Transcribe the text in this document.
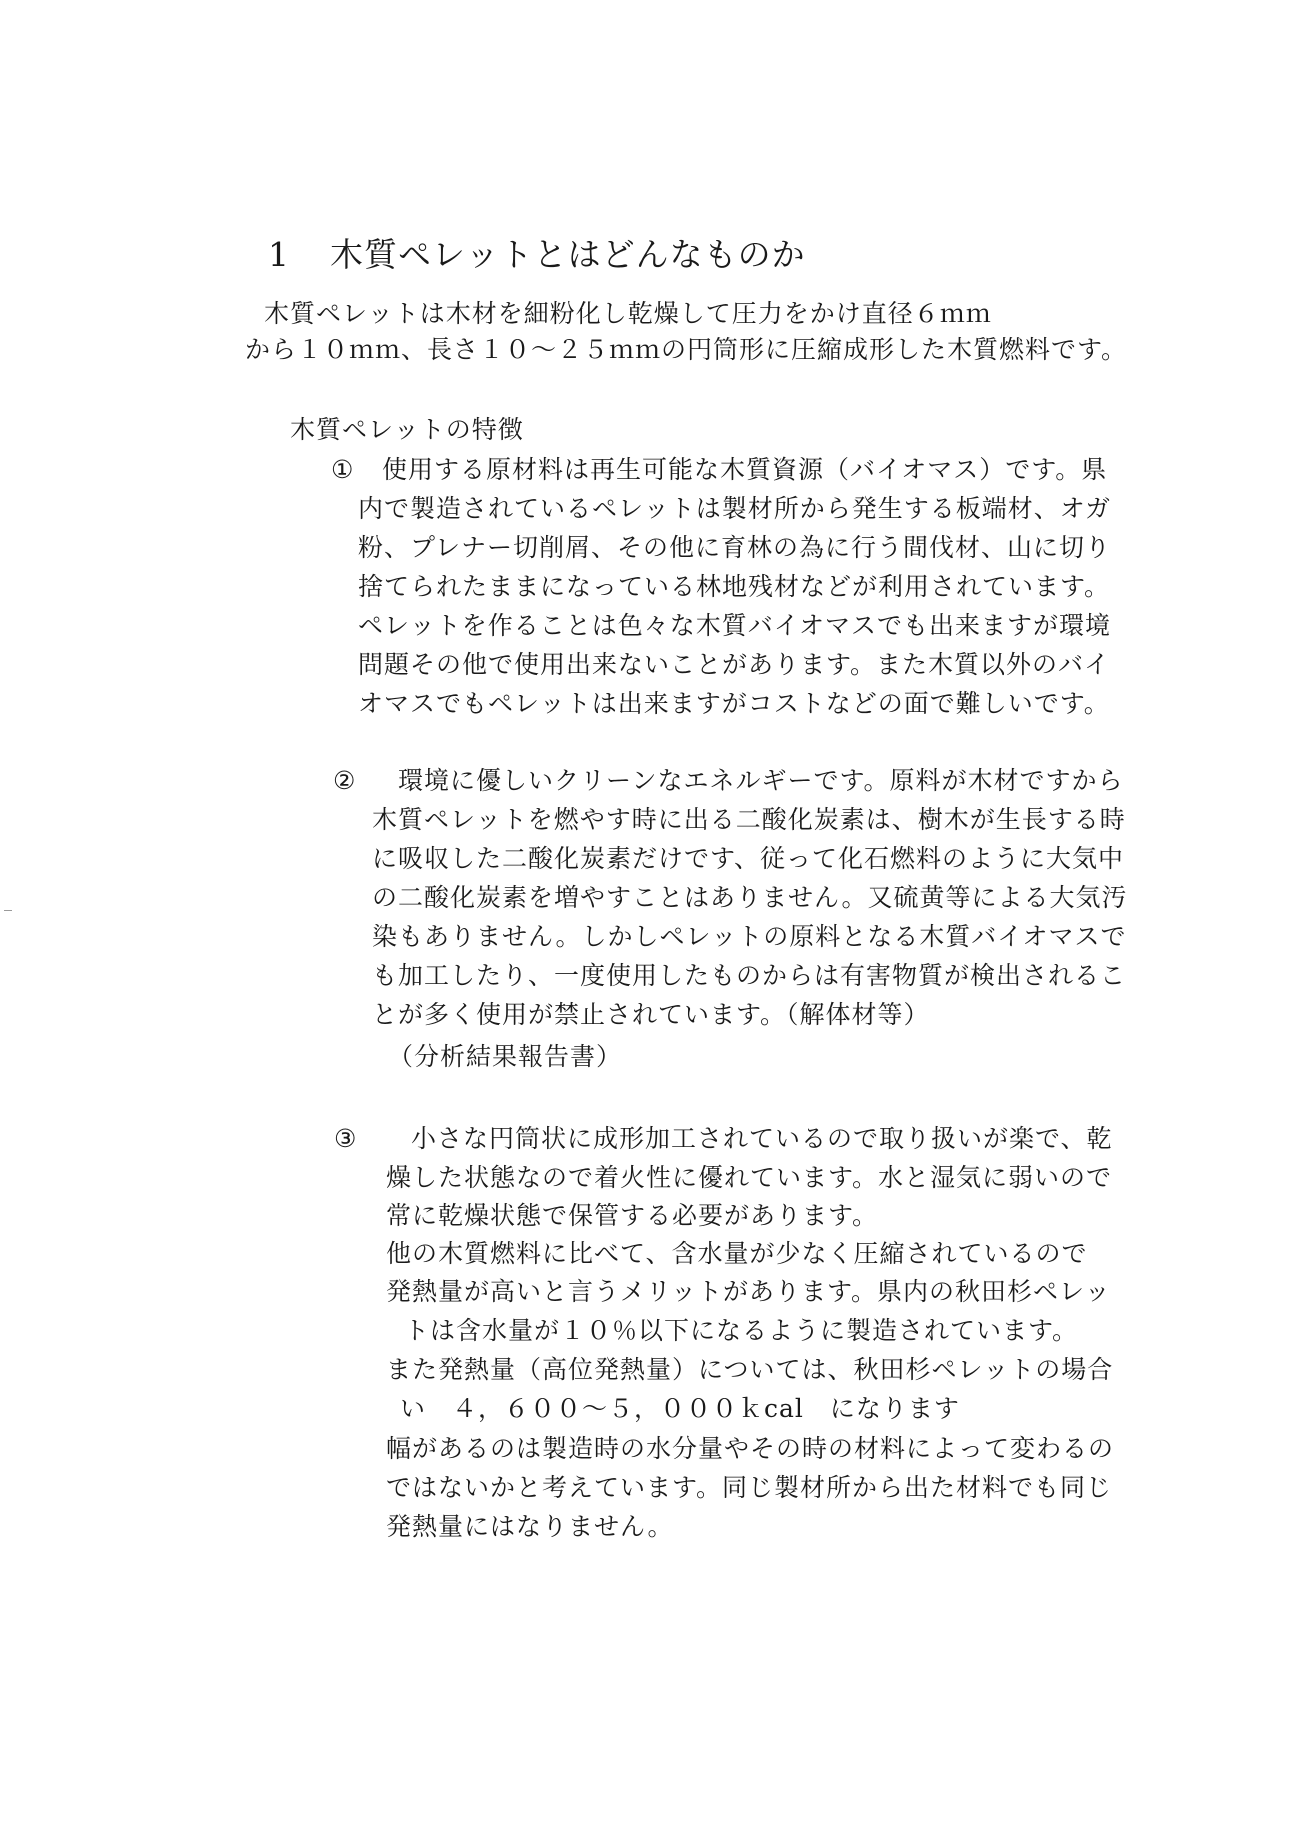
1 木質ペレットとはどんなものか
木質ペレットは木材を細粉化し乾燥して圧力をかけ直径６ｍｍ
から１０ｍｍ、長さ１０～２５ｍｍの円筒形に圧縮成形した木質燃料です。
木質ペレットの特徴
① 使用する原材料は再生可能な木質資源（バイオマス）です。県
内で製造されているペレットは製材所から発生する板端材、オガ
粉、プレナー切削屑、その他に育林の為に行う間伐材、山に切り
捨てられたままになっている林地残材などが利用されています。
ペレットを作ることは色々な木質バイオマスでも出来ますが環境
問題その他で使用出来ないことがあります。また木質以外のバイ
オマスでもペレットは出来ますがコストなどの面で難しいです。
② 環境に優しいクリーンなエネルギーです。原料が木材ですから
木質ペレットを燃やす時に出る二酸化炭素は、樹木が生長する時
に吸収した二酸化炭素だけです、従って化石燃料のように大気中
の二酸化炭素を増やすことはありません。又硫黄等による大気汚
染もありません。しかしペレットの原料となる木質バイオマスで
も加工したり、一度使用したものからは有害物質が検出されるこ
とが多く使用が禁止されています。（解体材等）
（分析結果報告書）
③ 小さな円筒状に成形加工されているので取り扱いが楽で、乾
燥した状態なので着火性に優れています。水と湿気に弱いので
常に乾燥状態で保管する必要があります。
他の木質燃料に比べて、含水量が少なく圧縮されているので
発熱量が高いと言うメリットがあります。県内の秋田杉ペレッ
トは含水量が１０％以下になるように製造されています。
また発熱量（高位発熱量）については、秋田杉ペレットの場合
い　４，６００～５，０００ｋcal　になります
幅があるのは製造時の水分量やその時の材料によって変わるの
ではないかと考えています。同じ製材所から出た材料でも同じ
発熱量にはなりません。
